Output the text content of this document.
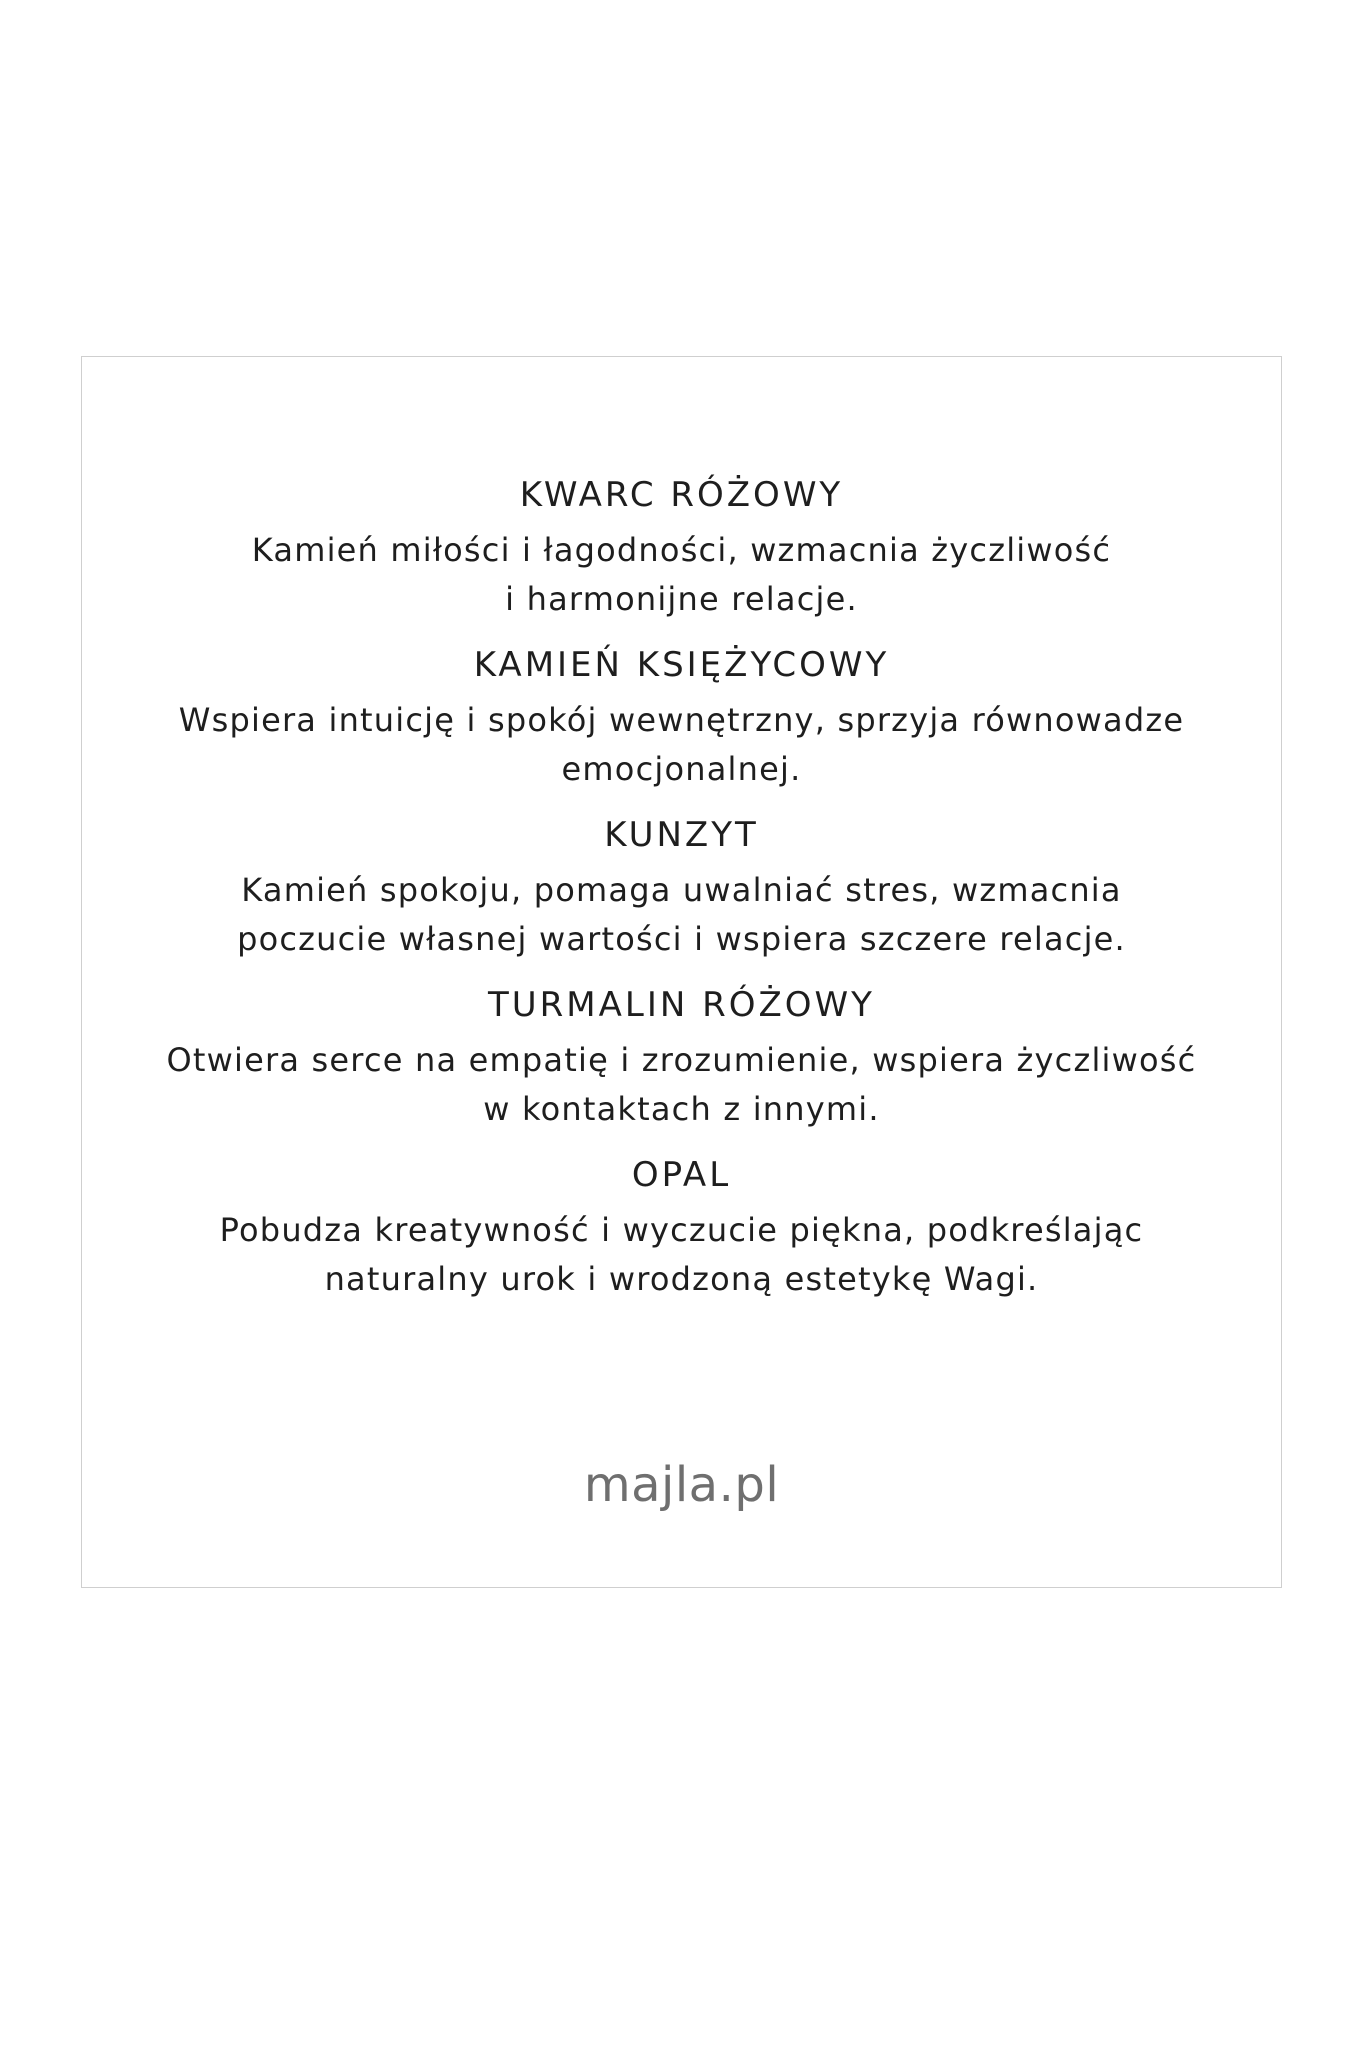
KWARC RÓŻOWY

Kamień miłości i łagodności, wzmacnia życzliwość
i harmonijne relacje.

KAMIEŃ KSIĘŻYCOWY

Wspiera intuicję i spokój wewnętrzny, sprzyja równowadze
emocjonalnej.

KUNZYT

Kamień spokoju, pomaga uwalniać stres, wzmacnia
poczucie własnej wartości i wspiera szczere relacje.

TURMALIN RÓŻOWY

Otwiera serce na empatię i zrozumienie, wspiera życzliwość
w kontaktach z innymi.

OPAL

Pobudza kreatywność i wyczucie piękna, podkreślając
naturalny urok i wrodzoną estetykę Wagi.

majla.pl
